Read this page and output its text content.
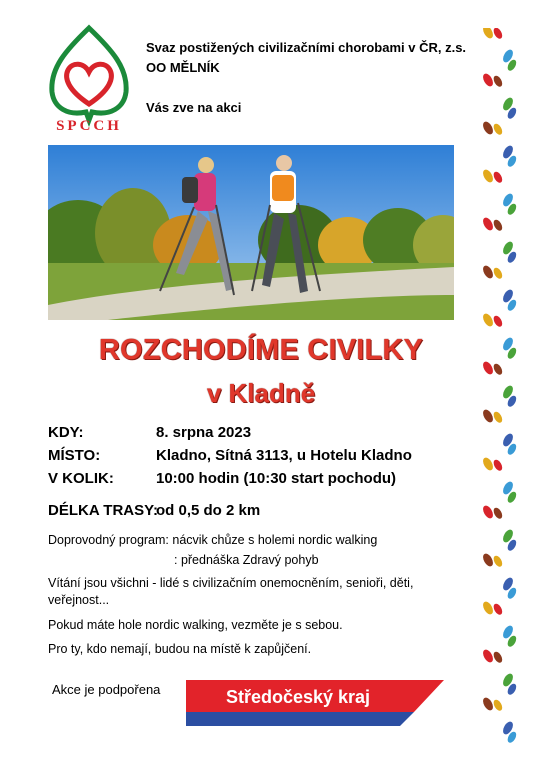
SPCCH
Svaz postižených civilizačními chorobami v ČR, z.s.
OO MĚLNÍK
Vás zve na akci
ROZCHODÍME CIVILKY
v Kladně
KDY:	8. srpna 2023
MÍSTO:	Kladno, Sítná 3113, u Hotelu Kladno
V KOLIK:	10:00 hodin (10:30 start pochodu)
DÉLKA TRASY:
od 0,5 do 2 km
Doprovodný program: nácvik chůze s holemi nordic walking
: přednáška Zdravý pohyb
Vítání jsou všichni - lidé s civilizačním onemocněním, senioři, děti, veřejnost...
Pokud máte hole nordic walking, vezměte je s sebou.
Pro ty, kdo nemají, budou na místě k zapůjčení.
Akce je podpořena	Středočeský kraj
